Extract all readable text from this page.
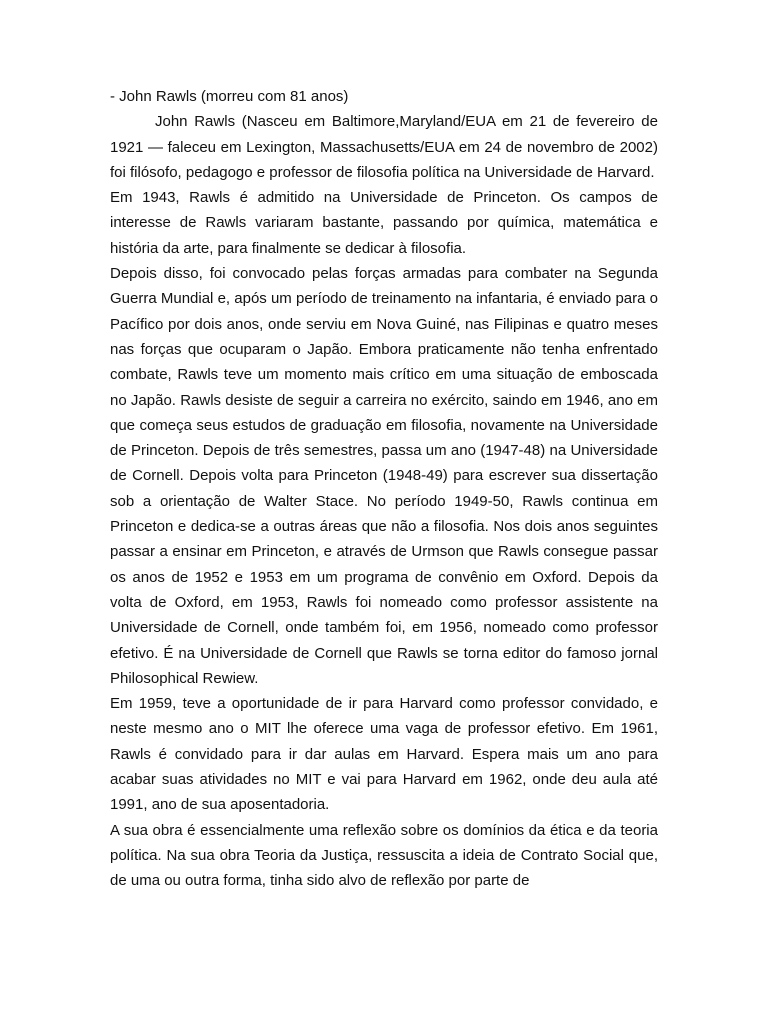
- John Rawls (morreu com 81 anos)

John Rawls (Nasceu em Baltimore,Maryland/EUA em 21 de fevereiro de 1921 — faleceu em Lexington, Massachusetts/EUA em 24 de novembro de 2002) foi filósofo, pedagogo e professor de filosofia política na Universidade de Harvard.

Em 1943, Rawls é admitido na Universidade de Princeton. Os campos de interesse de Rawls variaram bastante, passando por química, matemática e história da arte, para finalmente se dedicar à filosofia.

Depois disso, foi convocado pelas forças armadas para combater na Segunda Guerra Mundial e, após um período de treinamento na infantaria, é enviado para o Pacífico por dois anos, onde serviu em Nova Guiné, nas Filipinas e quatro meses nas forças que ocuparam o Japão. Embora praticamente não tenha enfrentado combate, Rawls teve um momento mais crítico em uma situação de emboscada no Japão. Rawls desiste de seguir a carreira no exército, saindo em 1946, ano em que começa seus estudos de graduação em filosofia, novamente na Universidade de Princeton. Depois de três semestres, passa um ano (1947-48) na Universidade de Cornell. Depois volta para Princeton (1948-49) para escrever sua dissertação sob a orientação de Walter Stace. No período 1949-50, Rawls continua em Princeton e dedica-se a outras áreas que não a filosofia. Nos dois anos seguintes passar a ensinar em Princeton, e através de Urmson que Rawls consegue passar os anos de 1952 e 1953 em um programa de convênio em Oxford. Depois da volta de Oxford, em 1953, Rawls foi nomeado como professor assistente na Universidade de Cornell, onde também foi, em 1956, nomeado como professor efetivo. É na Universidade de Cornell que Rawls se torna editor do famoso jornal Philosophical Rewiew.

Em 1959, teve a oportunidade de ir para Harvard como professor convidado, e neste mesmo ano o MIT lhe oferece uma vaga de professor efetivo. Em 1961, Rawls é convidado para ir dar aulas em Harvard. Espera mais um ano para acabar suas atividades no MIT e vai para Harvard em 1962, onde deu aula até 1991, ano de sua aposentadoria.

A sua obra é essencialmente uma reflexão sobre os domínios da ética e da teoria política. Na sua obra Teoria da Justiça, ressuscita a ideia de Contrato Social que, de uma ou outra forma, tinha sido alvo de reflexão por parte de
